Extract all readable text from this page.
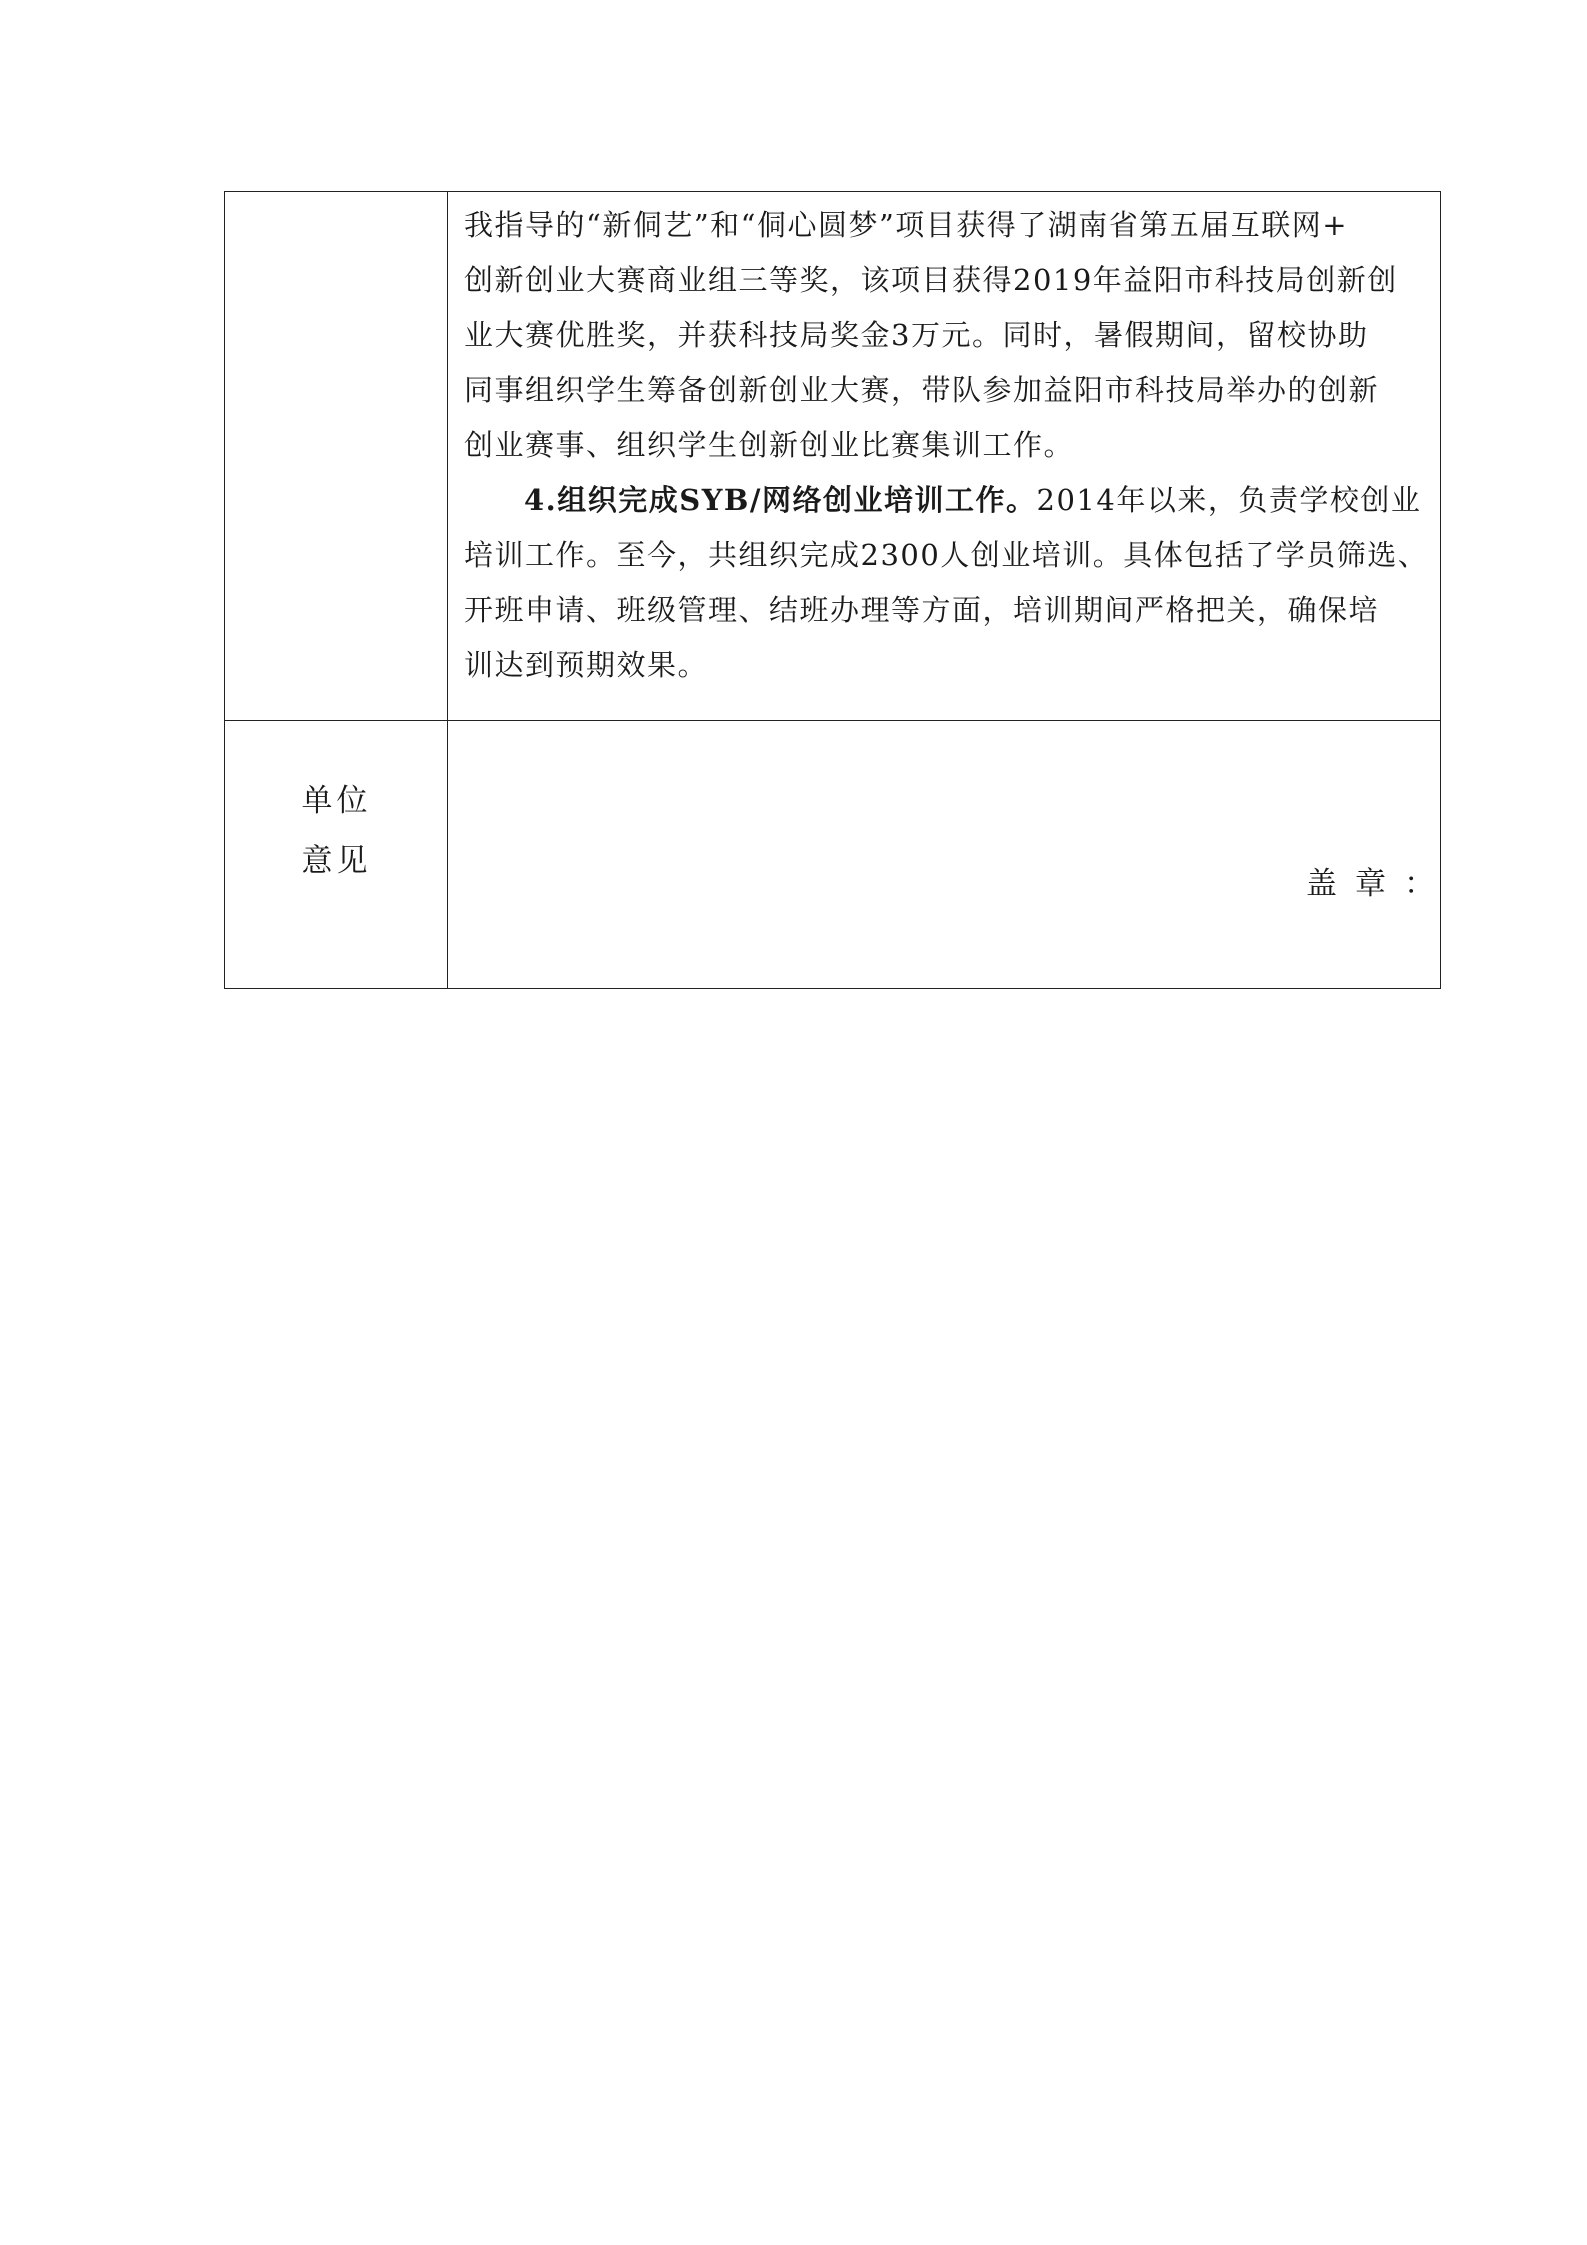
我指导的“新侗艺”和“侗心圆梦”项目获得了湖南省第五届互联网+
创新创业大赛商业组三等奖，该项目获得2019年益阳市科技局创新创
业大赛优胜奖，并获科技局奖金3万元。同时，暑假期间，留校协助
同事组织学生筹备创新创业大赛，带队参加益阳市科技局举办的创新
创业赛事、组织学生创新创业比赛集训工作。
4.组织完成SYB/网络创业培训工作。2014年以来，负责学校创业
培训工作。至今，共组织完成2300人创业培训。具体包括了学员筛选、
开班申请、班级管理、结班办理等方面，培训期间严格把关，确保培
训达到预期效果。
单位
意见
盖章：
